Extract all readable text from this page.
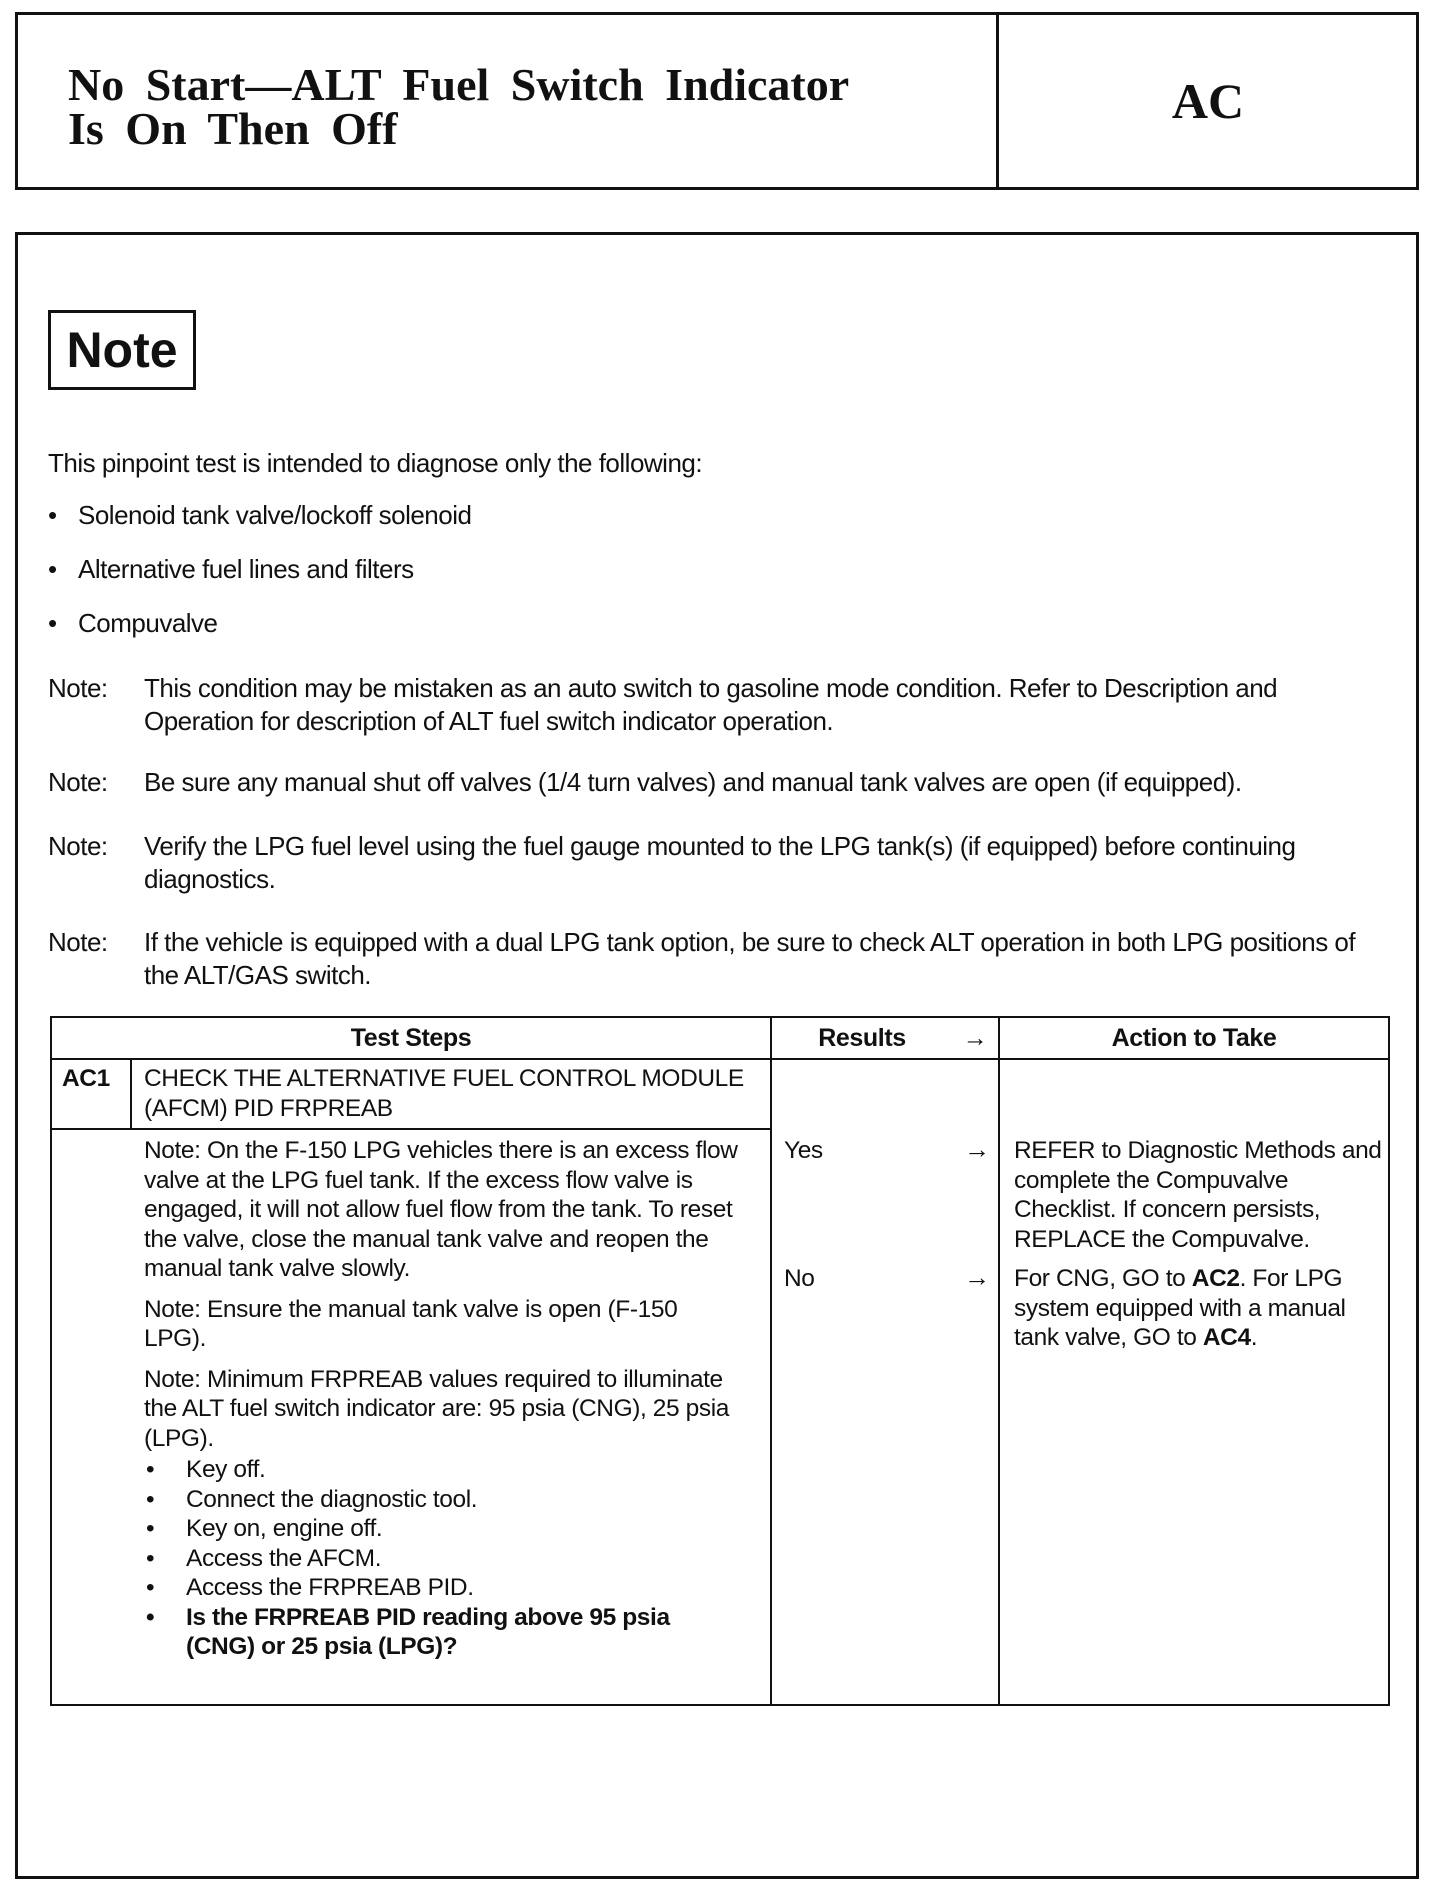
No Start—ALT Fuel Switch Indicator
Is On Then Off	AC
Note
This pinpoint test is intended to diagnose only the following:
• Solenoid tank valve/lockoff solenoid
• Alternative fuel lines and filters
• Compuvalve
Note:	This condition may be mistaken as an auto switch to gasoline mode condition. Refer to Description and Operation for description of ALT fuel switch indicator operation.
Note:	Be sure any manual shut off valves (1/4 turn valves) and manual tank valves are open (if equipped).
Note:	Verify the LPG fuel level using the fuel gauge mounted to the LPG tank(s) (if equipped) before continuing diagnostics.
Note:	If the vehicle is equipped with a dual LPG tank option, be sure to check ALT operation in both LPG positions of the ALT/GAS switch.
Test Steps	Results	→	Action to Take
AC1	CHECK THE ALTERNATIVE FUEL CONTROL MODULE (AFCM) PID FRPREAB
Note: On the F-150 LPG vehicles there is an excess flow valve at the LPG fuel tank. If the excess flow valve is engaged, it will not allow fuel flow from the tank. To reset the valve, close the manual tank valve and reopen the manual tank valve slowly.
Note: Ensure the manual tank valve is open (F-150 LPG).
Note: Minimum FRPREAB values required to illuminate the ALT fuel switch indicator are: 95 psia (CNG), 25 psia (LPG).
• Key off.
• Connect the diagnostic tool.
• Key on, engine off.
• Access the AFCM.
• Access the FRPREAB PID.
• Is the FRPREAB PID reading above 95 psia (CNG) or 25 psia (LPG)?
Yes	→ REFER to Diagnostic Methods and complete the Compuvalve Checklist. If concern persists, REPLACE the Compuvalve.
No	→ For CNG, GO to AC2. For LPG system equipped with a manual tank valve, GO to AC4.
